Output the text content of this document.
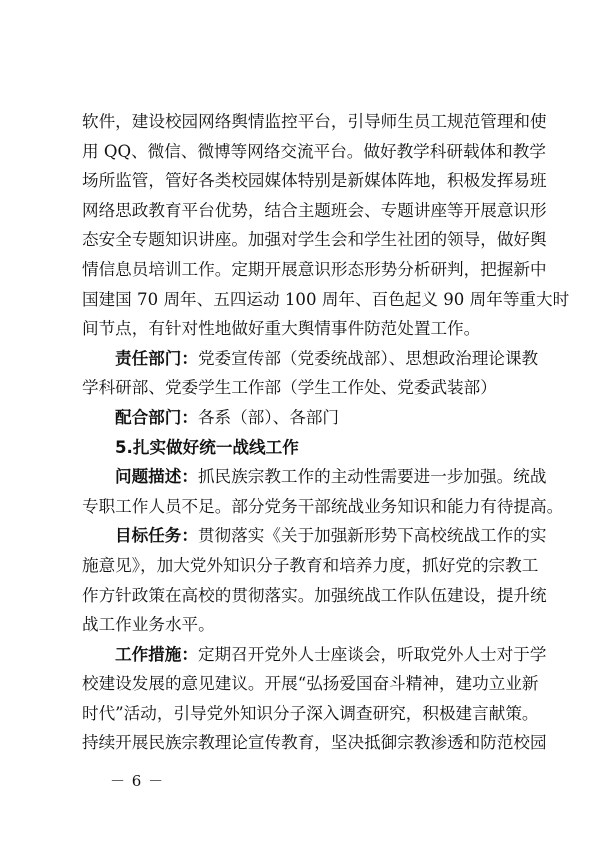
软件，建设校园网络舆情监控平台，引导师生员工规范管理和使
用 QQ、微信、微博等网络交流平台。做好教学科研载体和教学
场所监管，管好各类校园媒体特别是新媒体阵地，积极发挥易班
网络思政教育平台优势，结合主题班会、专题讲座等开展意识形
态安全专题知识讲座。加强对学生会和学生社团的领导，做好舆
情信息员培训工作。定期开展意识形态形势分析研判，把握新中
国建国 70 周年、五四运动 100 周年、百色起义 90 周年等重大时
间节点，有针对性地做好重大舆情事件防范处置工作。
责任部门：党委宣传部（党委统战部）、思想政治理论课教
学科研部、党委学生工作部（学生工作处、党委武装部）
配合部门：各系（部）、各部门
5.扎实做好统一战线工作
问题描述：抓民族宗教工作的主动性需要进一步加强。统战
专职工作人员不足。部分党务干部统战业务知识和能力有待提高。
目标任务：贯彻落实《关于加强新形势下高校统战工作的实
施意见》，加大党外知识分子教育和培养力度，抓好党的宗教工
作方针政策在高校的贯彻落实。加强统战工作队伍建设，提升统
战工作业务水平。
工作措施：定期召开党外人士座谈会，听取党外人士对于学
校建设发展的意见建议。开展“弘扬爱国奋斗精神，建功立业新
时代”活动，引导党外知识分子深入调查研究，积极建言献策。
持续开展民族宗教理论宣传教育，坚决抵御宗教渗透和防范校园
－ 6 －
